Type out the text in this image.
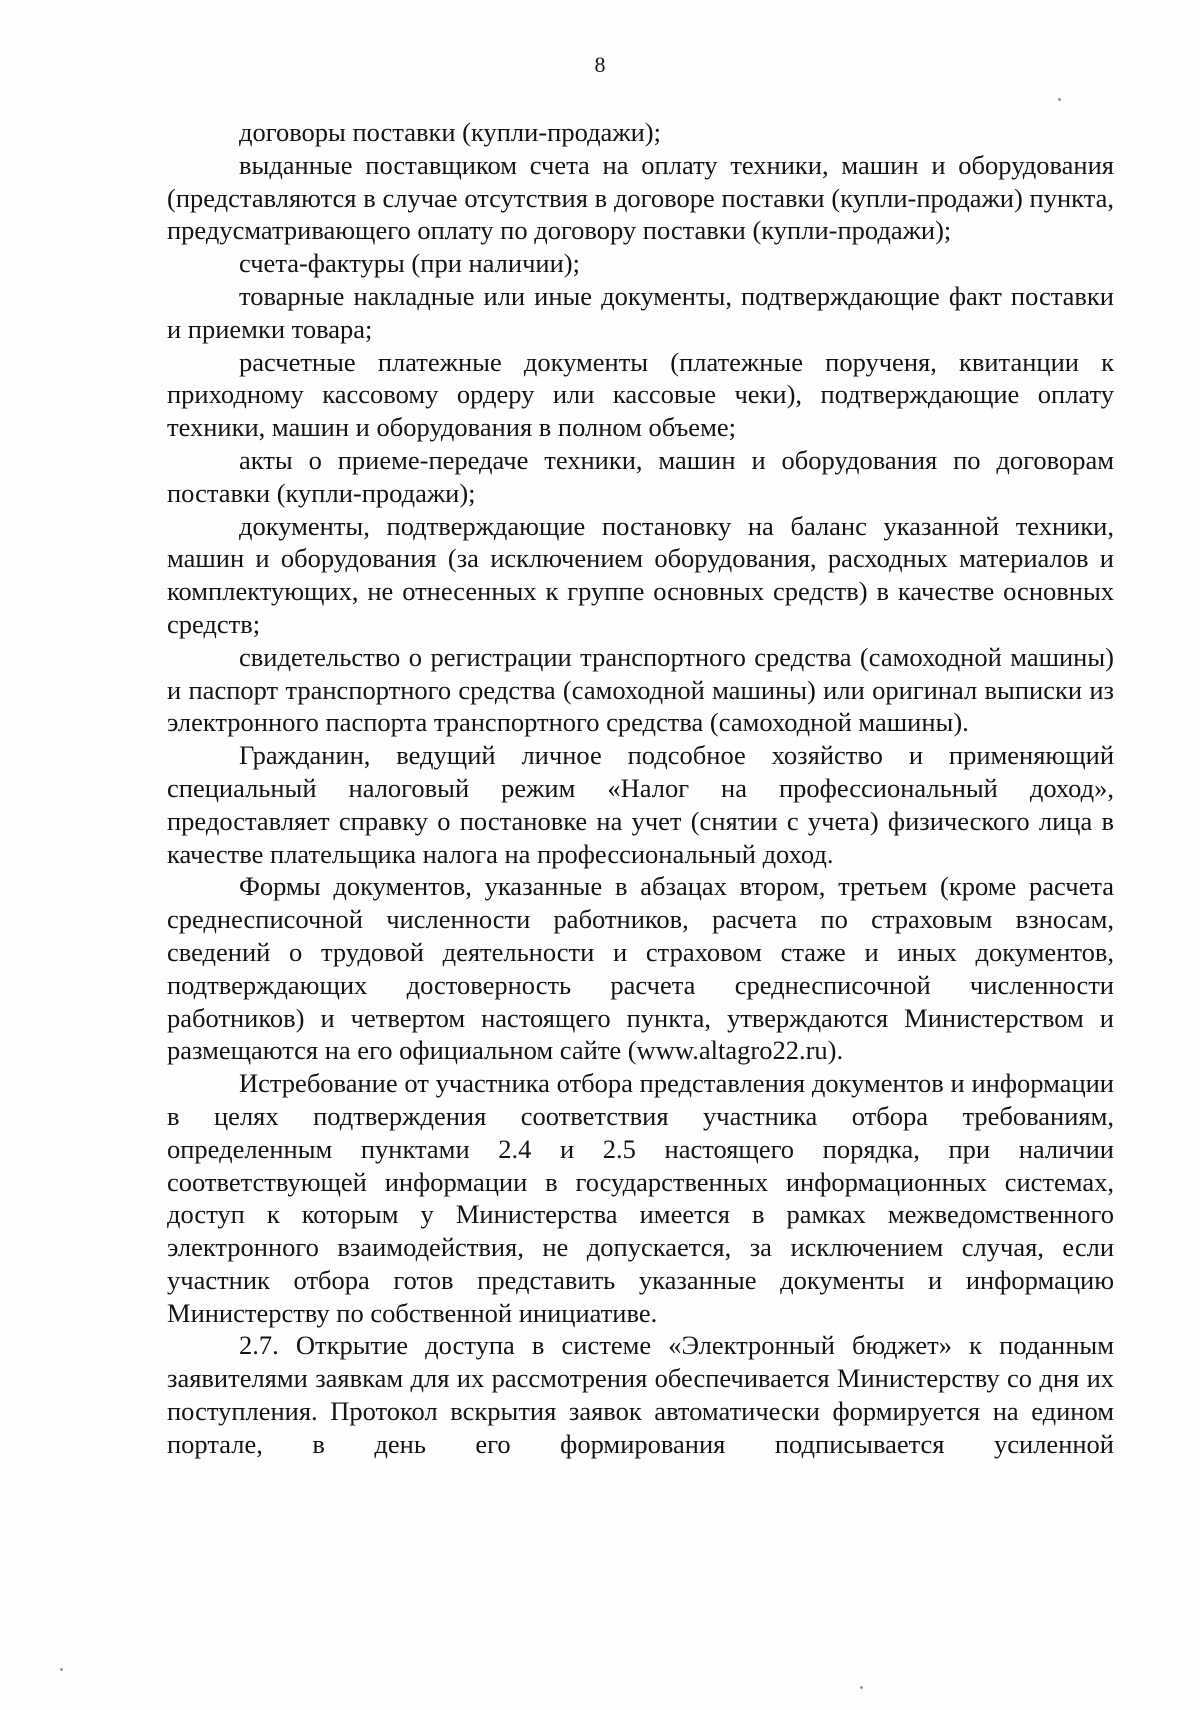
8

договоры поставки (купли-продажи);

выданные поставщиком счета на оплату техники, машин и оборудования (представляются в случае отсутствия в договоре поставки (купли-продажи) пункта, предусматривающего оплату по договору поставки (купли-продажи);

счета-фактуры (при наличии);

товарные накладные или иные документы, подтверждающие факт поставки и приемки товара;

расчетные платежные документы (платежные порученя, квитанции к приходному кассовому ордеру или кассовые чеки), подтверждающие оплату техники, машин и оборудования в полном объеме;

акты о приеме-передаче техники, машин и оборудования по договорам поставки (купли-продажи);

документы, подтверждающие постановку на баланс указанной техники, машин и оборудования (за исключением оборудования, расходных материалов и комплектующих, не отнесенных к группе основных средств) в качестве основных средств;

свидетельство о регистрации транспортного средства (самоходной машины) и паспорт транспортного средства (самоходной машины) или оригинал выписки из электронного паспорта транспортного средства (самоходной машины).

Гражданин, ведущий личное подсобное хозяйство и применяющий специальный налоговый режим «Налог на профессиональный доход», предоставляет справку о постановке на учет (снятии с учета) физического лица в качестве плательщика налога на профессиональный доход.

Формы документов, указанные в абзацах втором, третьем (кроме расчета среднесписочной численности работников, расчета по страховым взносам, сведений о трудовой деятельности и страховом стаже и иных документов, подтверждающих достоверность расчета среднесписочной численности работников) и четвертом настоящего пункта, утверждаются Министерством и размещаются на его официальном сайте (www.altagro22.ru).

Истребование от участника отбора представления документов и информации в целях подтверждения соответствия участника отбора требованиям, определенным пунктами 2.4 и 2.5 настоящего порядка, при наличии соответствующей информации в государственных информационных системах, доступ к которым у Министерства имеется в рамках межведомственного электронного взаимодействия, не допускается, за исключением случая, если участник отбора готов представить указанные документы и информацию Министерству по собственной инициативе.

2.7. Открытие доступа в системе «Электронный бюджет» к поданным заявителями заявкам для их рассмотрения обеспечивается Министерству со дня их поступления. Протокол вскрытия заявок автоматически формируется на едином портале, в день его формирования подписывается усиленной
